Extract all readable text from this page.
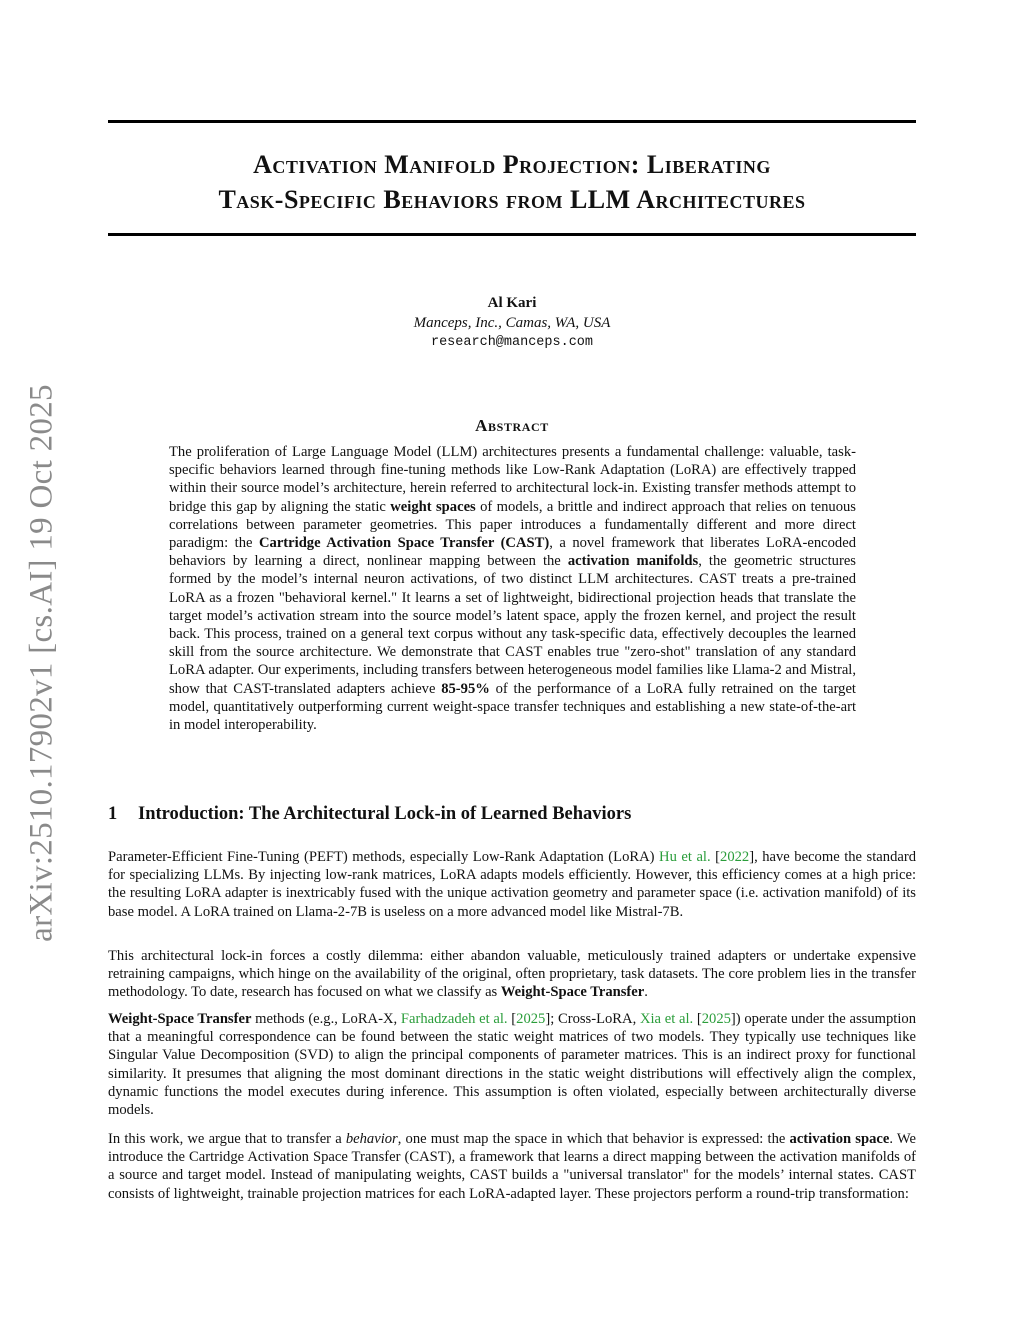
arXiv:2510.17902v1 [cs.AI] 19 Oct 2025
Activation Manifold Projection: Liberating
Task-Specific Behaviors from LLM Architectures
Al Kari
Manceps, Inc., Camas, WA, USA
research@manceps.com
Abstract
The proliferation of Large Language Model (LLM) architectures presents a fundamental challenge: valuable, task-specific behaviors learned through fine-tuning methods like Low-Rank Adaptation (LoRA) are effectively trapped within their source model’s architecture, herein referred to architectural lock-in. Existing transfer methods attempt to bridge this gap by aligning the static weight spaces of models, a brittle and indirect approach that relies on tenuous correlations between parameter geometries. This paper introduces a fundamentally different and more direct paradigm: the Cartridge Activation Space Transfer (CAST), a novel framework that liberates LoRA-encoded behaviors by learning a direct, nonlinear mapping between the activation manifolds, the geometric structures formed by the model’s internal neuron activations, of two distinct LLM architectures. CAST treats a pre-trained LoRA as a frozen "behavioral kernel." It learns a set of lightweight, bidirectional projection heads that translate the target model’s activation stream into the source model’s latent space, apply the frozen kernel, and project the result back. This process, trained on a general text corpus without any task-specific data, effectively decouples the learned skill from the source architecture. We demonstrate that CAST enables true "zero-shot" translation of any standard LoRA adapter. Our experiments, including transfers between heterogeneous model families like Llama-2 and Mistral, show that CAST-translated adapters achieve 85-95% of the performance of a LoRA fully retrained on the target model, quantitatively outperforming current weight-space transfer techniques and establishing a new state-of-the-art in model interoperability.
1 Introduction: The Architectural Lock-in of Learned Behaviors
Parameter-Efficient Fine-Tuning (PEFT) methods, especially Low-Rank Adaptation (LoRA) Hu et al. [2022], have become the standard for specializing LLMs. By injecting low-rank matrices, LoRA adapts models efficiently. However, this efficiency comes at a high price: the resulting LoRA adapter is inextricably fused with the unique activation geometry and parameter space (i.e. activation manifold) of its base model. A LoRA trained on Llama-2-7B is useless on a more advanced model like Mistral-7B.
This architectural lock-in forces a costly dilemma: either abandon valuable, meticulously trained adapters or undertake expensive retraining campaigns, which hinge on the availability of the original, often proprietary, task datasets. The core problem lies in the transfer methodology. To date, research has focused on what we classify as Weight-Space Transfer.
Weight-Space Transfer methods (e.g., LoRA-X, Farhadzadeh et al. [2025]; Cross-LoRA, Xia et al. [2025]) operate under the assumption that a meaningful correspondence can be found between the static weight matrices of two models. They typically use techniques like Singular Value Decomposition (SVD) to align the principal components of parameter matrices. This is an indirect proxy for functional similarity. It presumes that aligning the most dominant directions in the static weight distributions will effectively align the complex, dynamic functions the model executes during inference. This assumption is often violated, especially between architecturally diverse models.
In this work, we argue that to transfer a behavior, one must map the space in which that behavior is expressed: the activation space. We introduce the Cartridge Activation Space Transfer (CAST), a framework that learns a direct mapping between the activation manifolds of a source and target model. Instead of manipulating weights, CAST builds a "universal translator" for the models’ internal states. CAST consists of lightweight, trainable projection matrices for each LoRA-adapted layer. These projectors perform a round-trip transformation:
